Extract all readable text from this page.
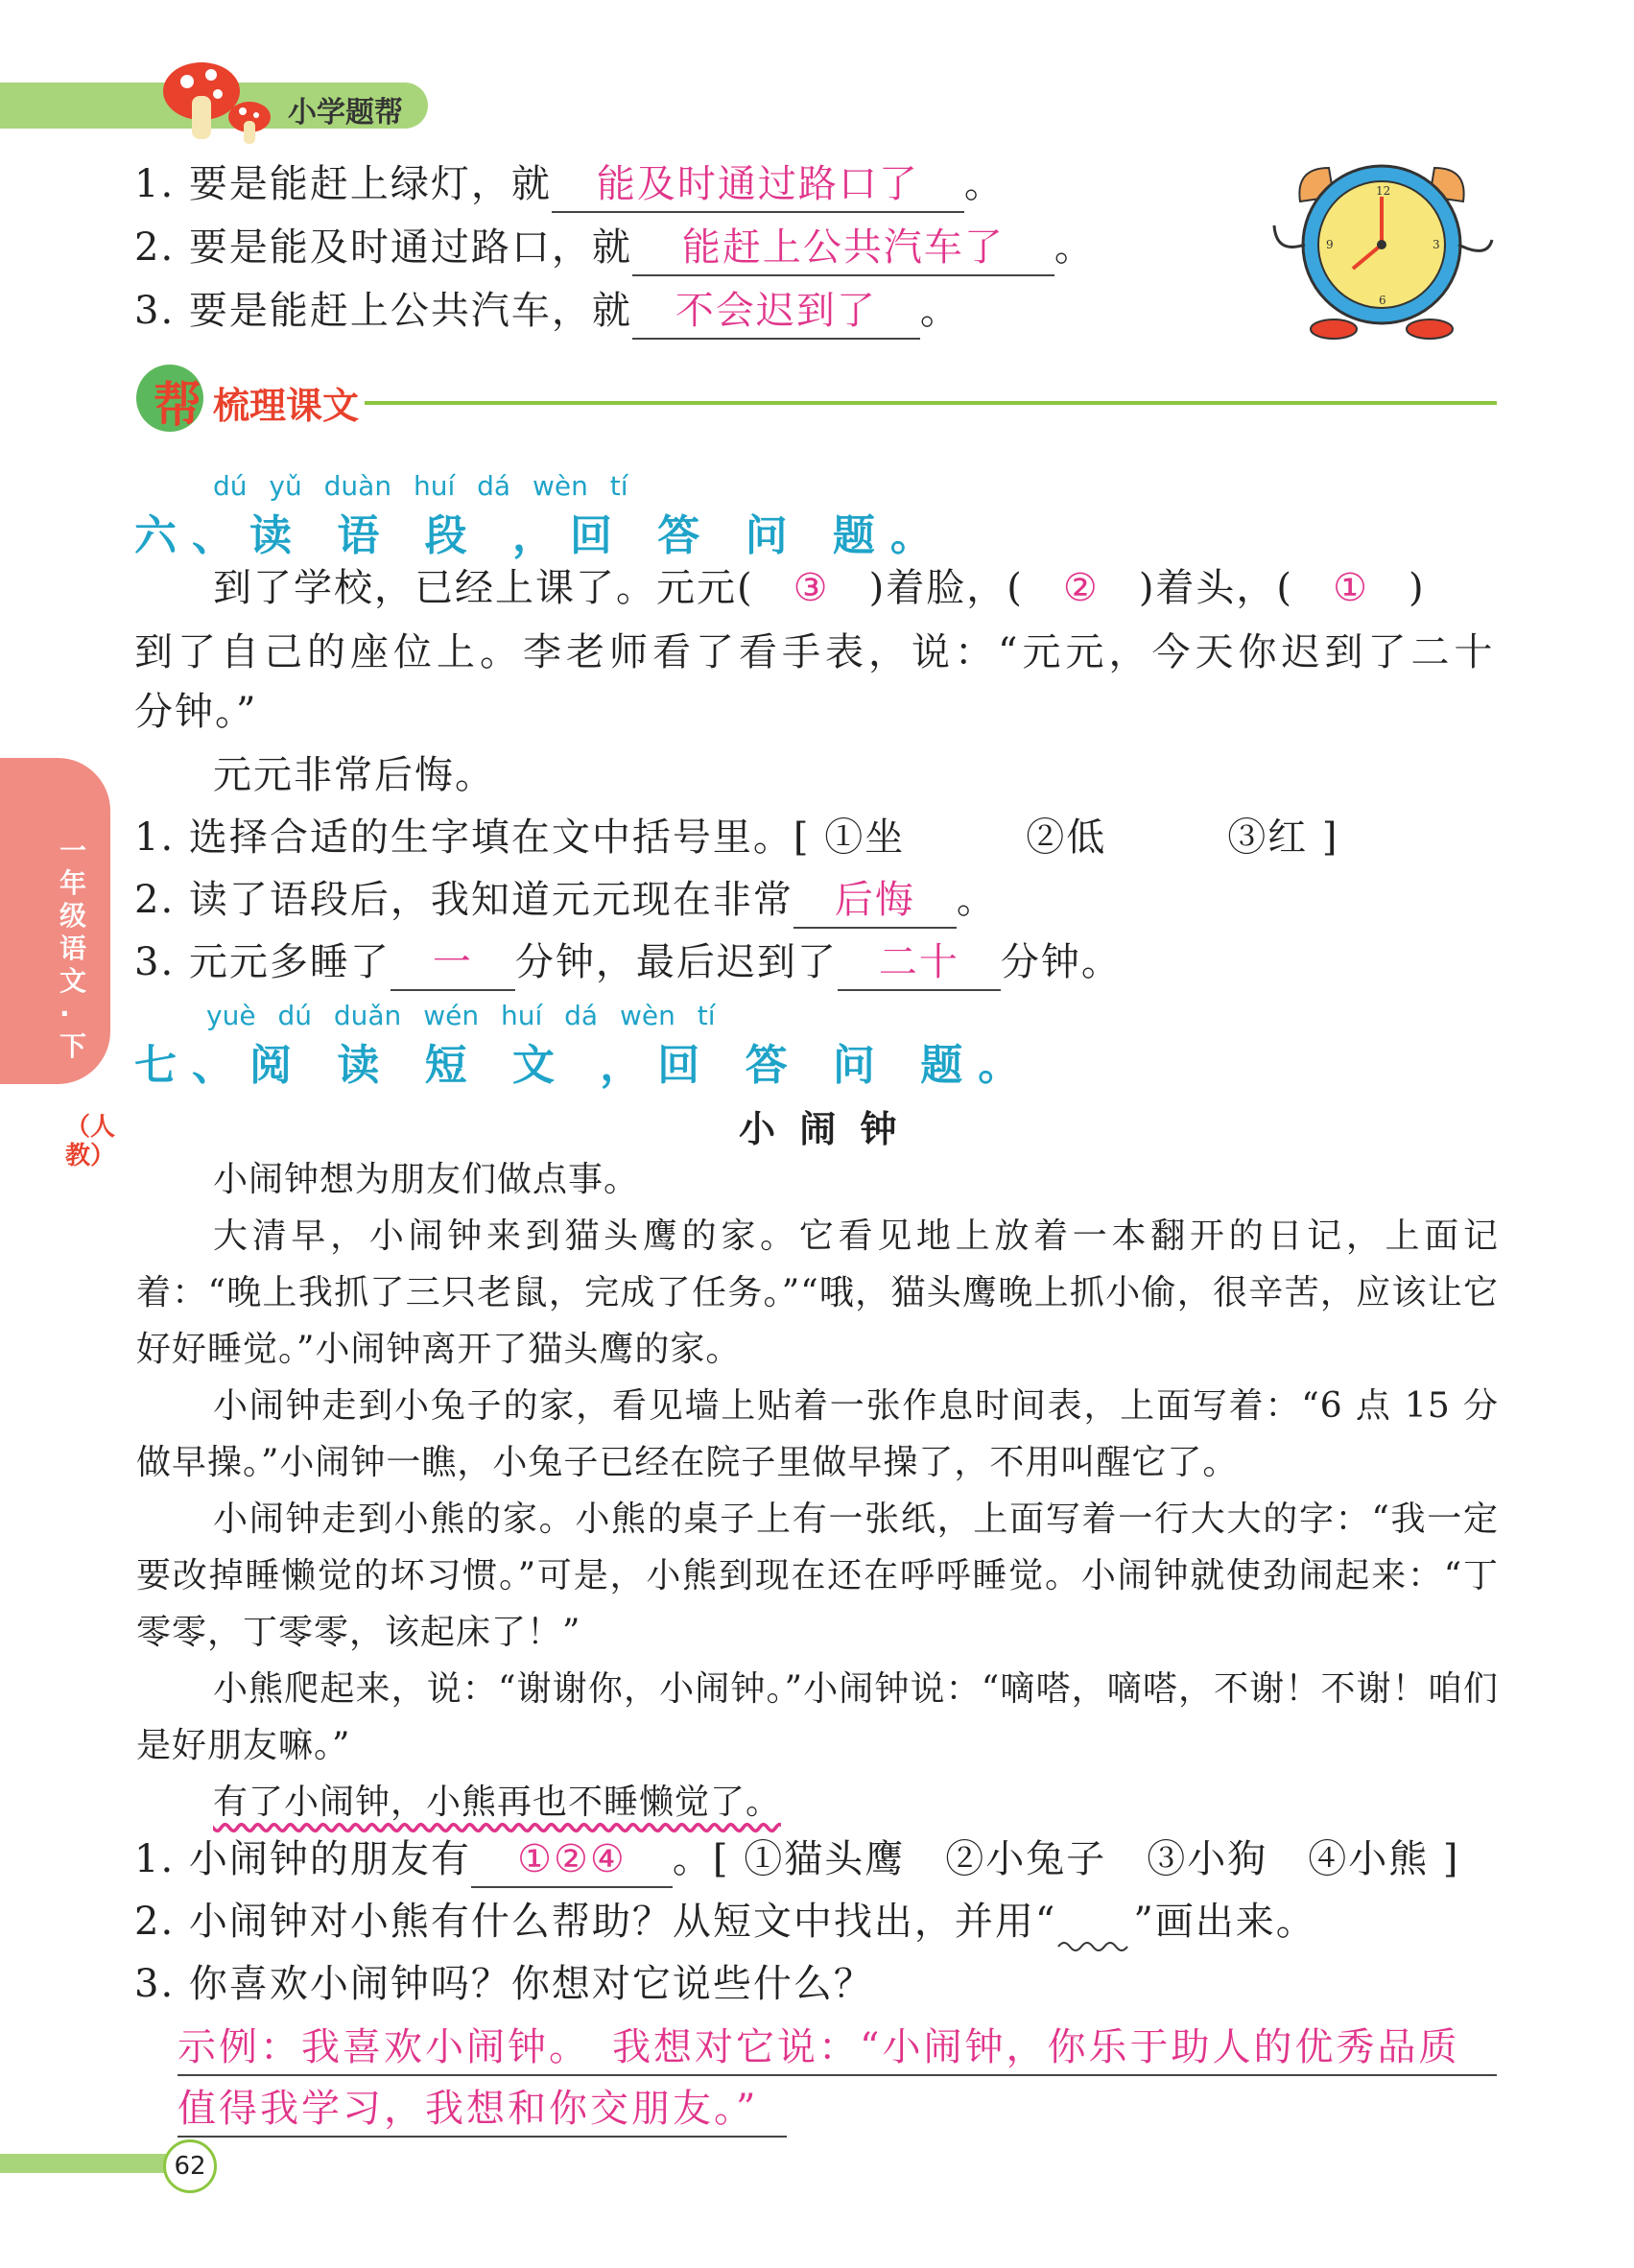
小学题帮
1. 要是能赶上绿灯，就 能及时通过路口了 。
2. 要是能及时通过路口，就 能赶上公共汽车了 。
3. 要是能赶上公共汽车，就 不会迟到了 。
12
3
6
9
帮 梳理课文
dú yǔ duàn huí dá wèn tí
六、读 语 段 ，回 答 问 题。
到了学校，已经上课了。元元( ③ )着脸，( ② )着头，( ① )
到了自己的座位上。李老师看了看手表，说：“元元，今天你迟到了二十
分钟。”
元元非常后悔。
1. 选择合适的生字填在文中括号里。[ ①坐　　　②低　　　③红 ]
2. 读了语段后，我知道元元现在非常 后悔 。
3. 元元多睡了 一 分钟，最后迟到了 二十 分钟。
yuè dú duǎn wén huí dá wèn tí
七、阅 读 短 文 ，回 答 问 题。
小 闹 钟

小闹钟想为朋友们做点事。

大清早，小闹钟来到猫头鹰的家。它看见地上放着一本翻开的日记，上面记着：“晚上我抓了三只老鼠，完成了任务。”“哦，猫头鹰晚上抓小偷，很辛苦，应该让它好好睡觉。”小闹钟离开了猫头鹰的家。

小闹钟走到小兔子的家，看见墙上贴着一张作息时间表，上面写着：“6 点 15 分做早操。”小闹钟一瞧，小兔子已经在院子里做早操了，不用叫醒它了。

小闹钟走到小熊的家。小熊的桌子上有一张纸，上面写着一行大大的字：“我一定要改掉睡懒觉的坏习惯。”可是，小熊到现在还在呼呼睡觉。小闹钟就使劲闹起来：“丁零零，丁零零，该起床了！”

小熊爬起来，说：“谢谢你，小闹钟。”小闹钟说：“嘀嗒，嘀嗒，不谢！不谢！咱们是好朋友嘛。”

有了小闹钟，小熊再也不睡懒觉了。

1. 小闹钟的朋友有 ①②④ 。[ ①猫头鹰　②小兔子　③小狗　④小熊 ]
2. 小闹钟对小熊有什么帮助？从短文中找出，并用“ ”画出来。
3. 你喜欢小闹钟吗？你想对它说些什么？
示例：我喜欢小闹钟。　我想对它说：“小闹钟，你乐于助人的优秀品质
值得我学习，我想和你交朋友。”
一年级语文·下
（人教）
62
